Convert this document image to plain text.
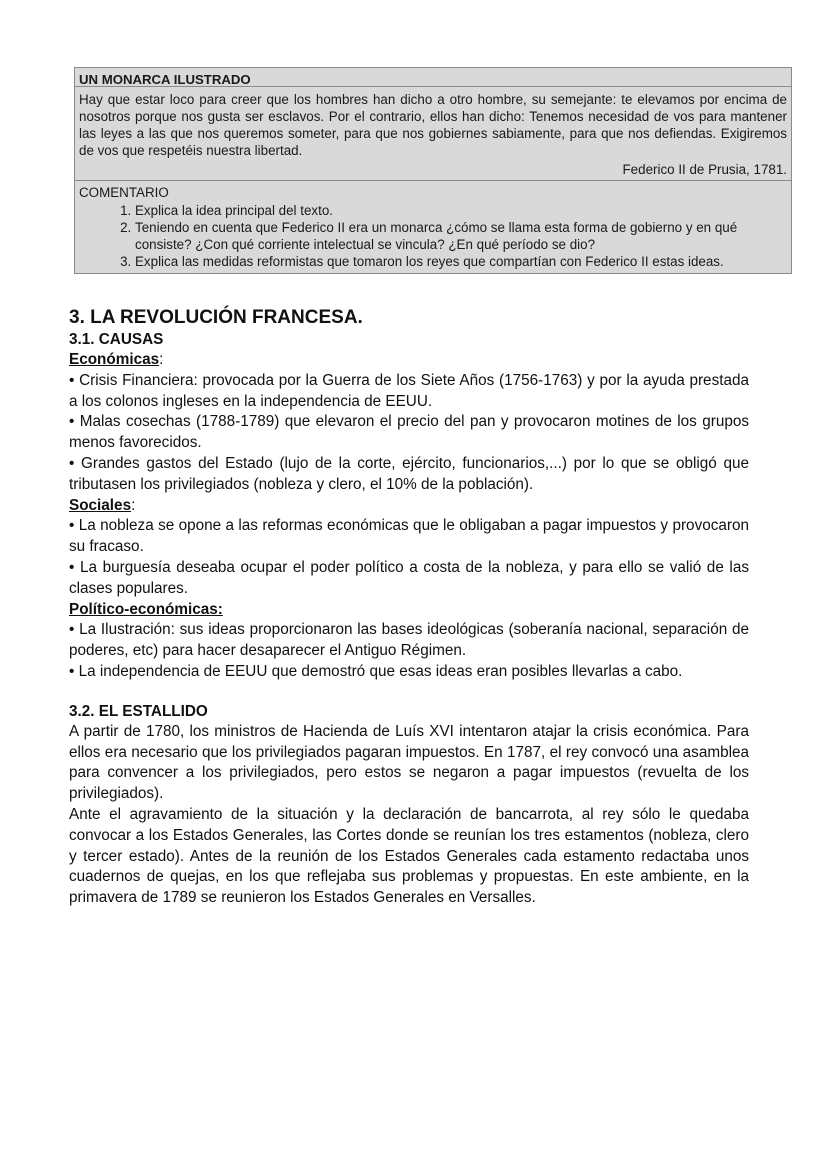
UN MONARCA ILUSTRADO
Hay que estar loco para creer que los hombres han dicho a otro hombre, su semejante: te elevamos por encima de nosotros porque nos gusta ser esclavos. Por el contrario, ellos han dicho: Tenemos necesidad de vos para mantener las leyes a las que nos queremos someter, para que nos gobiernes sabiamente, para que nos defiendas. Exigiremos de vos que respetéis nuestra libertad.
Federico II de Prusia, 1781.
COMENTARIO
1. Explica la idea principal del texto.
2. Teniendo en cuenta que Federico II era un monarca ¿cómo se llama esta forma de gobierno y en qué consiste? ¿Con qué corriente intelectual se vincula? ¿En qué período se dio?
3. Explica las medidas reformistas que tomaron los reyes que compartían con Federico II estas ideas.
3. LA REVOLUCIÓN FRANCESA.
3.1. CAUSAS
Económicas:

• Crisis Financiera: provocada por la Guerra de los Siete Años (1756-1763) y por la ayuda prestada a los colonos ingleses en la independencia de EEUU.

• Malas cosechas (1788-1789) que elevaron el precio del pan y provocaron motines de los grupos menos favorecidos.

• Grandes gastos del Estado (lujo de la corte, ejército, funcionarios,...) por lo que se obligó que tributasen los privilegiados (nobleza y clero, el 10% de la población).

Sociales:

• La nobleza se opone a las reformas económicas que le obligaban a pagar impuestos y provocaron su fracaso.

• La burguesía deseaba ocupar el poder político a costa de la nobleza, y para ello se valió de las clases populares.

Político-económicas:

• La Ilustración: sus ideas proporcionaron las bases ideológicas (soberanía nacional, separación de poderes, etc) para hacer desaparecer el Antiguo Régimen.

• La independencia de EEUU que demostró que esas ideas eran posibles llevarlas a cabo.

3.2. EL ESTALLIDO

A partir de 1780, los ministros de Hacienda de Luís XVI intentaron atajar la crisis económica. Para ellos era necesario que los privilegiados pagaran impuestos. En 1787, el rey convocó una asamblea para convencer a los privilegiados, pero estos se negaron a pagar impuestos (revuelta de los privilegiados).

Ante el agravamiento de la situación y la declaración de bancarrota, al rey sólo le quedaba convocar a los Estados Generales, las Cortes donde se reunían los tres estamentos (nobleza, clero y tercer estado). Antes de la reunión de los Estados Generales cada estamento redactaba unos cuadernos de quejas, en los que reflejaba sus problemas y propuestas. En este ambiente, en la primavera de 1789 se reunieron los Estados Generales en Versalles.
